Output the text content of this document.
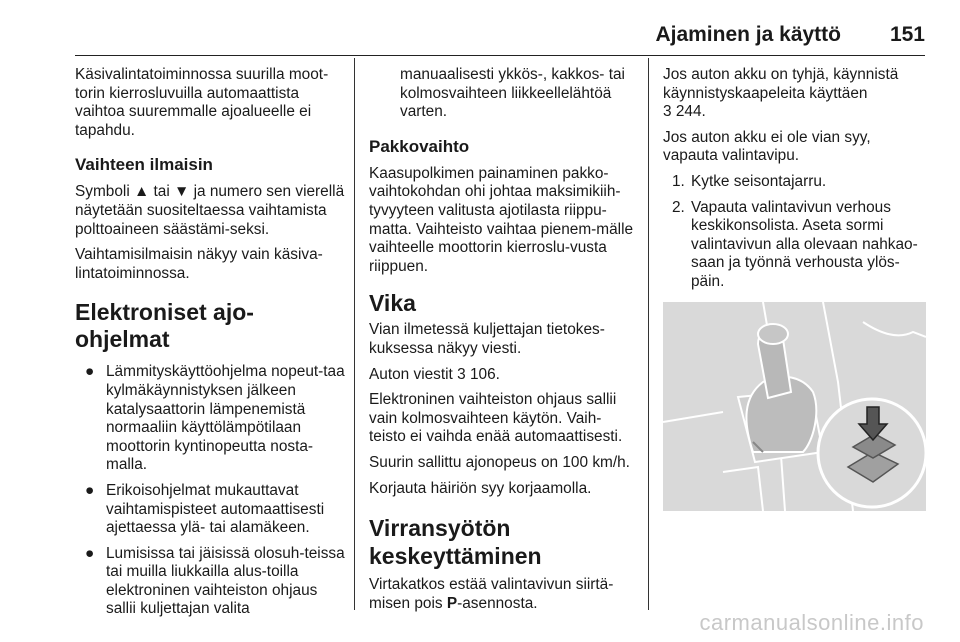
Ajaminen ja käyttö 151

Käsivalintatoiminnossa suurilla moot-torin kierrosluvuilla automaattista vaihtoa suuremmalle ajoalueelle ei tapahdu.

Vaihteen ilmaisin

Symboli ▲ tai ▼ ja numero sen vierellä näytetään suositeltaessa vaihtamista polttoaineen säästämi-seksi.

Vaihtamisilmaisin näkyy vain käsiva-lintatoiminnossa.

Elektroniset ajo-ohjelmat
● Lämmityskäyttöohjelma nopeut-taa kylmäkäynnistyksen jälkeen katalysaattorin lämpenemistä normaaliin käyttölämpötilaan moottorin kyntinopeutta nosta-malla.
● Erikoisohjelmat mukauttavat vaihtamispisteet automaattisesti ajettaessa ylä- tai alamäkeen.
● Lumisissa tai jäisissä olosuh-teissa tai muilla liukkailla alus-toilla elektroninen vaihteiston ohjaus sallii kuljettajan valita

manuaalisesti ykkös-, kakkos- tai kolmosvaihteen liikkeellelähtöä varten.

Pakkovaihto

Kaasupolkimen painaminen pakko-vaihtokohdan ohi johtaa maksimikiih-tyvyyteen valitusta ajotilasta riippu-matta. Vaihteisto vaihtaa pienem-mälle vaihteelle moottorin kierroslu-vusta riippuen.

Vika

Vian ilmetessä kuljettajan tietokes-kuksessa näkyy viesti.

Auton viestit 3 106.

Elektroninen vaihteiston ohjaus sallii vain kolmosvaihteen käytön. Vaih-teisto ei vaihda enää automaattisesti.

Suurin sallittu ajonopeus on 100 km/h.

Korjauta häiriön syy korjaamolla.

Virransyötön keskeyttäminen

Virtakatkos estää valintavivun siirtä-misen pois P-asennosta.

Jos auton akku on tyhjä, käynnistä käynnistyskaapeleita käyttäen
3 244.

Jos auton akku ei ole vian syy, vapauta valintavipu.

1. Kytke seisontajarru.
2. Vapauta valintavivun verhous keskikonsolista. Aseta sormi valintavivun alla olevaan nahkao-saan ja työnnä verhousta ylös-päin.
carmanualsonline.info
